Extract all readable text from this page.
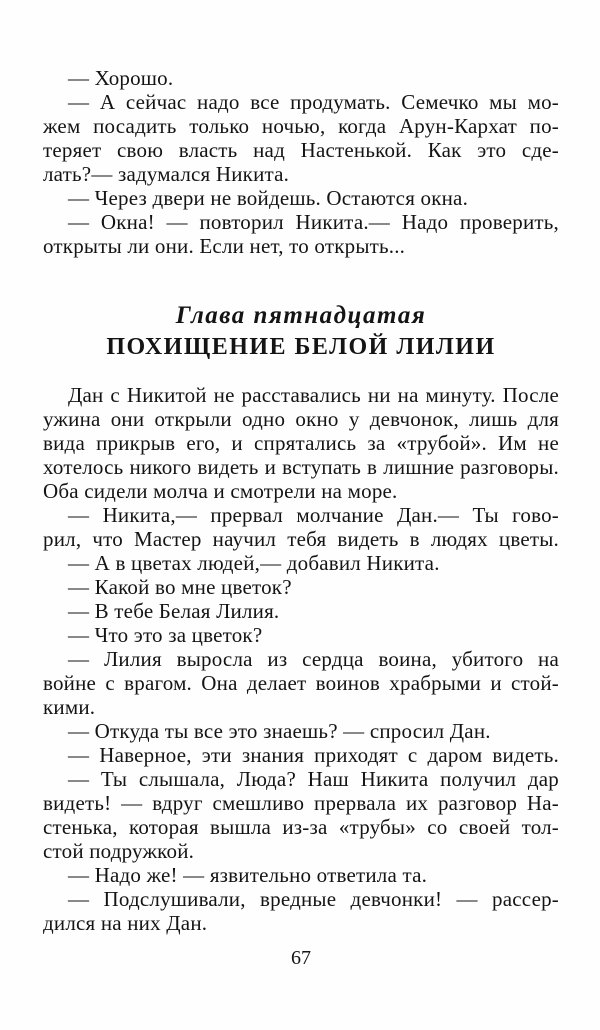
— Хорошо.
— А сейчас надо все продумать. Семечко мы мо-
жем посадить только ночью, когда Арун-Кархат по-
теряет свою власть над Настенькой. Как это сде-
лать?— задумался Никита.
— Через двери не войдешь. Остаются окна.
— Окна! — повторил Никита.— Надо проверить,
открыты ли они. Если нет, то открыть...
Глава пятнадцатая
ПОХИЩЕНИЕ БЕЛОЙ ЛИЛИИ
Дан с Никитой не расставались ни на минуту. После
ужина они открыли одно окно у девчонок, лишь для
вида прикрыв его, и спрятались за «трубой». Им не
хотелось никого видеть и вступать в лишние разговоры.
Оба сидели молча и смотрели на море.
— Никита,— прервал молчание Дан.— Ты гово-
рил, что Мастер научил тебя видеть в людях цветы.
— А в цветах людей,— добавил Никита.
— Какой во мне цветок?
— В тебе Белая Лилия.
— Что это за цветок?
— Лилия выросла из сердца воина, убитого на
войне с врагом. Она делает воинов храбрыми и стой-
кими.
— Откуда ты все это знаешь? — спросил Дан.
— Наверное, эти знания приходят с даром видеть.
— Ты слышала, Люда? Наш Никита получил дар
видеть! — вдруг смешливо прервала их разговор На-
стенька, которая вышла из-за «трубы» со своей тол-
стой подружкой.
— Надо же! — язвительно ответила та.
— Подслушивали, вредные девчонки! — рассер-
дился на них Дан.
67
